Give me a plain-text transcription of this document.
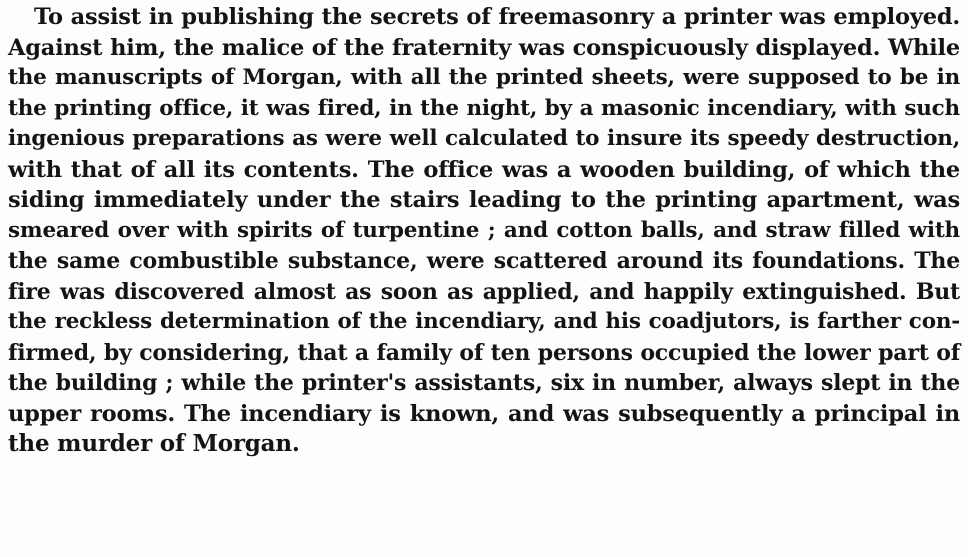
To assist in publishing the secrets of freemasonry a printer was employed.
Against him, the malice of the fraternity was conspicuously displayed. While
the manuscripts of Morgan, with all the printed sheets, were supposed to be in
the printing office, it was fired, in the night, by a masonic incendiary, with such
ingenious preparations as were well calculated to insure its speedy destruction,
with that of all its contents. The office was a wooden building, of which the
siding immediately under the stairs leading to the printing apartment, was
smeared over with spirits of turpentine ; and cotton balls, and straw filled with
the same combustible substance, were scattered around its foundations. The
fire was discovered almost as soon as applied, and happily extinguished. But
the reckless determination of the incendiary, and his coadjutors, is farther con-
firmed, by considering, that a family of ten persons occupied the lower part of
the building ; while the printer's assistants, six in number, always slept in the
upper rooms. The incendiary is known, and was subsequently a principal in
the murder of Morgan.
